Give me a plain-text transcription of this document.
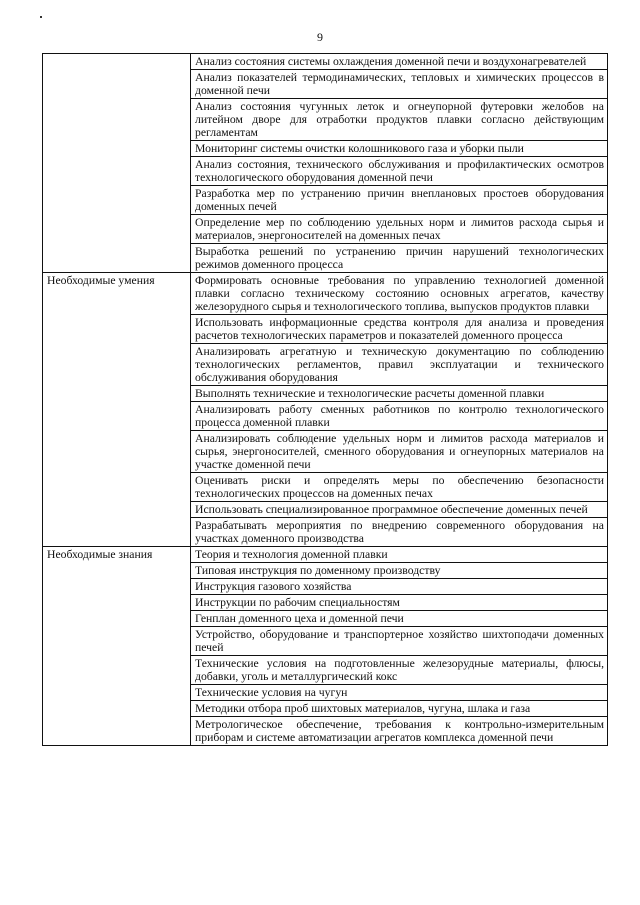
9
	Анализ состояния системы охлаждения доменной печи и воздухонагревателей
	Анализ показателей термодинамических, тепловых и химических процессов в доменной печи
	Анализ состояния чугунных леток и огнеупорной футеровки желобов на литейном дворе для отработки продуктов плавки согласно действующим регламентам
	Мониторинг системы очистки колошникового газа и уборки пыли
	Анализ состояния, технического обслуживания и профилактических осмотров технологического оборудования доменной печи
	Разработка мер по устранению причин внеплановых простоев оборудования доменных печей
	Определение мер по соблюдению удельных норм и лимитов расхода сырья и материалов, энергоносителей на доменных печах
	Выработка решений по устранению причин нарушений технологических режимов доменного процесса
Необходимые умения	Формировать основные требования по управлению технологией доменной плавки согласно техническому состоянию основных агрегатов, качеству железорудного сырья и технологического топлива, выпусков продуктов плавки
	Использовать информационные средства контроля для анализа и проведения расчетов технологических параметров и показателей доменного процесса
	Анализировать агрегатную и техническую документацию по соблюдению технологических регламентов, правил эксплуатации и технического обслуживания оборудования
	Выполнять технические и технологические расчеты доменной плавки
	Анализировать работу сменных работников по контролю технологического процесса доменной плавки
	Анализировать соблюдение удельных норм и лимитов расхода материалов и сырья, энергоносителей, сменного оборудования и огнеупорных материалов на участке доменной печи
	Оценивать риски и определять меры по обеспечению безопасности технологических процессов на доменных печах
	Использовать специализированное программное обеспечение доменных печей
	Разрабатывать мероприятия по внедрению современного оборудования на участках доменного производства
Необходимые знания	Теория и технология доменной плавки
	Типовая инструкция по доменному производству
	Инструкция газового хозяйства
	Инструкции по рабочим специальностям
	Генплан доменного цеха и доменной печи
	Устройство, оборудование и транспортерное хозяйство шихтоподачи доменных печей
	Технические условия на подготовленные железорудные материалы, флюсы, добавки, уголь и металлургический кокс
	Технические условия на чугун
	Методики отбора проб шихтовых материалов, чугуна, шлака и газа
	Метрологическое обеспечение, требования к контрольно-измерительным приборам и системе автоматизации агрегатов комплекса доменной печи
